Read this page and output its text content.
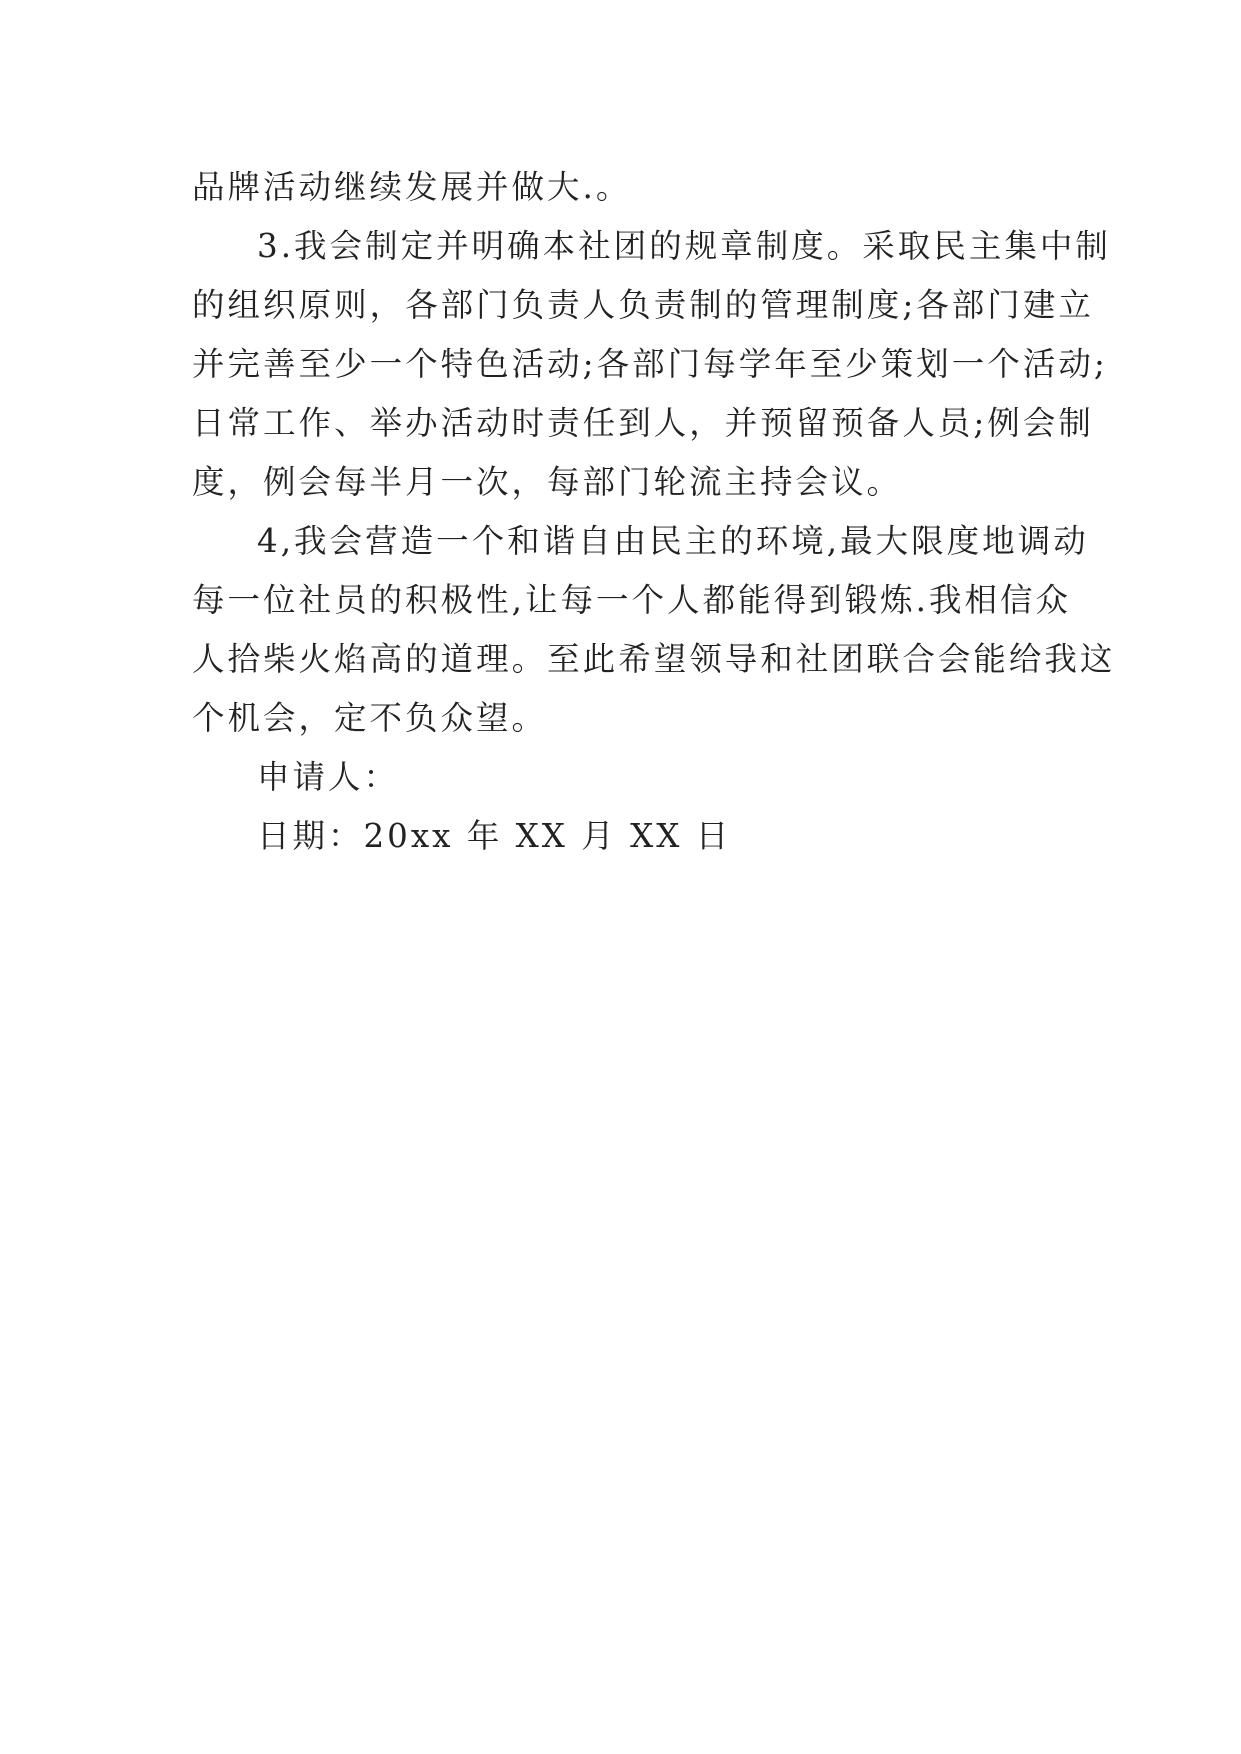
品牌活动继续发展并做大.。
3 . 我 会 制 定 并 明 确 本 社 团 的 规 章 制 度 。 采 取 民 主 集 中 制
的 组 织 原 则 ， 各 部 门 负 责 人 负 责 制 的 管 理 制 度 ; 各 部 门 建 立
并 完 善 至 少 一 个 特 色 活 动 ; 各 部 门 每 学 年 至 少 策 划 一 个 活 动 ;
日 常 工 作 、 举 办 活 动 时 责 任 到 人 ， 并 预 留 预 备 人 员 ; 例 会 制
度，例会每半月一次，每部门轮流主持会议。
4 , 我 会 营 造 一 个 和 谐 自 由 民 主 的 环 境 , 最 大 限 度 地 调 动
每 一 位 社 员 的 积 极 性 , 让 每 一 个 人 都 能 得 到 锻 炼 . 我 相 信 众
人 拾 柴 火 焰 高 的 道 理 。 至 此 希 望 领 导 和 社 团 联 合 会 能 给 我 这
个机会，定不负众望。
申请人：
日期：20xx 年 XX 月 XX 日
